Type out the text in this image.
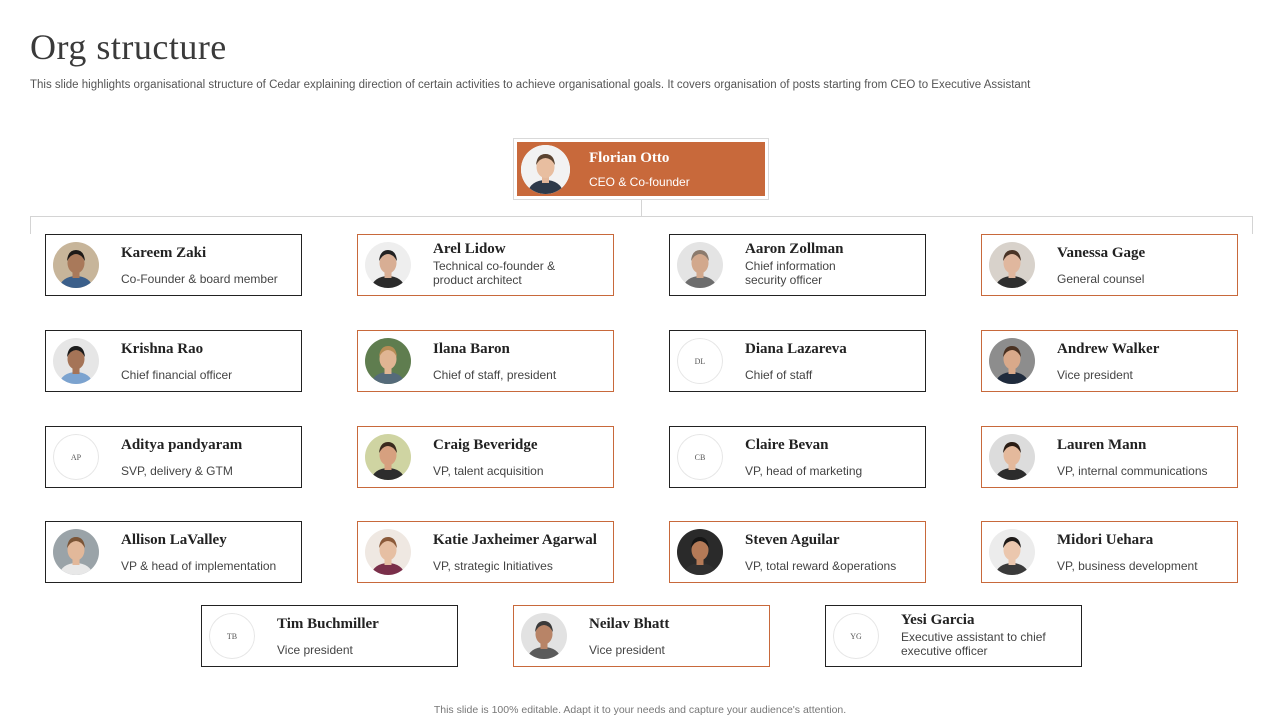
Org structure

This slide highlights organisational structure of Cedar explaining direction of certain activities to achieve organisational goals. It covers organisation of posts starting from CEO to Executive Assistant

Florian Otto
CEO & Co-founder
Kareem Zaki
Co-Founder & board member
Arel Lidow
Technical co-founder &
product architect
Aaron Zollman
Chief information
security officer
Vanessa Gage
General counsel
Krishna Rao
Chief financial officer
Ilana Baron
Chief of staff, president
DL
Diana Lazareva
Chief of staff
Andrew Walker
Vice president
AP
Aditya pandyaram
SVP, delivery & GTM
Craig Beveridge
VP, talent acquisition
CB
Claire Bevan
VP, head of marketing
Lauren Mann
VP, internal communications
Allison LaValley
VP & head of implementation
Katie Jaxheimer Agarwal
VP, strategic Initiatives
Steven Aguilar
VP, total reward &operations
Midori Uehara
VP, business development
TB
Tim Buchmiller
Vice president
Neilav Bhatt
Vice president
YG
Yesi Garcia
Executive assistant to chief
executive officer
This slide is 100% editable. Adapt it to your needs and capture your audience's attention.
